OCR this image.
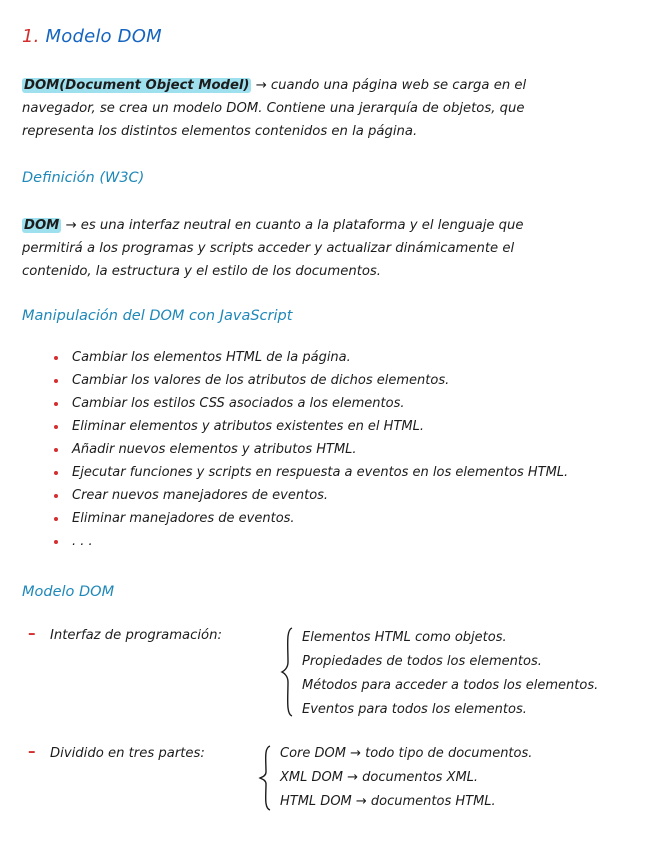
1. Modelo DOM
DOM(Document Object Model) → cuando una página web se carga en el
navegador, se crea un modelo DOM. Contiene una jerarquía de objetos, que
representa los distintos elementos contenidos en la página.
Definición (W3C)
DOM → es una interfaz neutral en cuanto a la plataforma y el lenguaje que
permitirá a los programas y scripts acceder y actualizar dinámicamente el
contenido, la estructura y el estilo de los documentos.
Manipulación del DOM con JavaScript
Cambiar los elementos HTML de la página.
Cambiar los valores de los atributos de dichos elementos.
Cambiar los estilos CSS asociados a los elementos.
Eliminar elementos y atributos existentes en el HTML.
Añadir nuevos elementos y atributos HTML.
Ejecutar funciones y scripts en respuesta a eventos en los elementos HTML.
Crear nuevos manejadores de eventos.
Eliminar manejadores de eventos.
. . .
Modelo DOM
– Interfaz de programación:	Elementos HTML como objetos.
Propiedades de todos los elementos.
Métodos para acceder a todos los elementos.
Eventos para todos los elementos.
– Dividido en tres partes:	Core DOM → todo tipo de documentos.
XML DOM → documentos XML.
HTML DOM → documentos HTML.
